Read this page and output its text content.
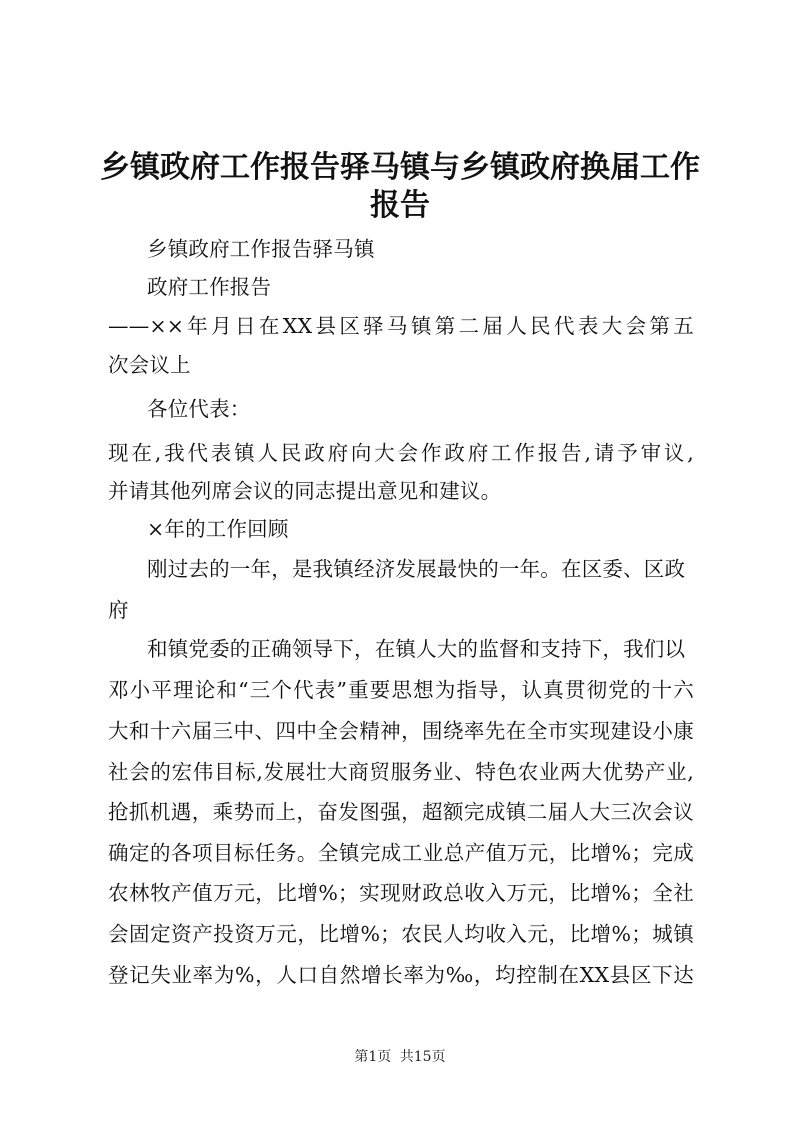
乡镇政府工作报告驿马镇与乡镇政府换届工作
报告
乡镇政府工作报告驿马镇
政府工作报告
——××年月日在XX县区驿马镇第二届人民代表大会第五
次会议上
各位代表：
现在,我代表镇人民政府向大会作政府工作报告,请予审议,
并请其他列席会议的同志提出意见和建议。
×年的工作回顾
刚过去的一年，是我镇经济发展最快的一年。在区委、区政
府
和镇党委的正确领导下，在镇人大的监督和支持下，我们以
邓小平理论和“三个代表”重要思想为指导，认真贯彻党的十六
大和十六届三中、四中全会精神，围绕率先在全市实现建设小康
社会的宏伟目标,发展壮大商贸服务业、特色农业两大优势产业,
抢抓机遇，乘势而上，奋发图强，超额完成镇二届人大三次会议
确定的各项目标任务。全镇完成工业总产值万元，比增%；完成
农林牧产值万元，比增%；实现财政总收入万元，比增%；全社
会固定资产投资万元，比增%；农民人均收入元，比增%；城镇
登记失业率为%，人口自然增长率为‰，均控制在XX县区下达
第1页 共15页
